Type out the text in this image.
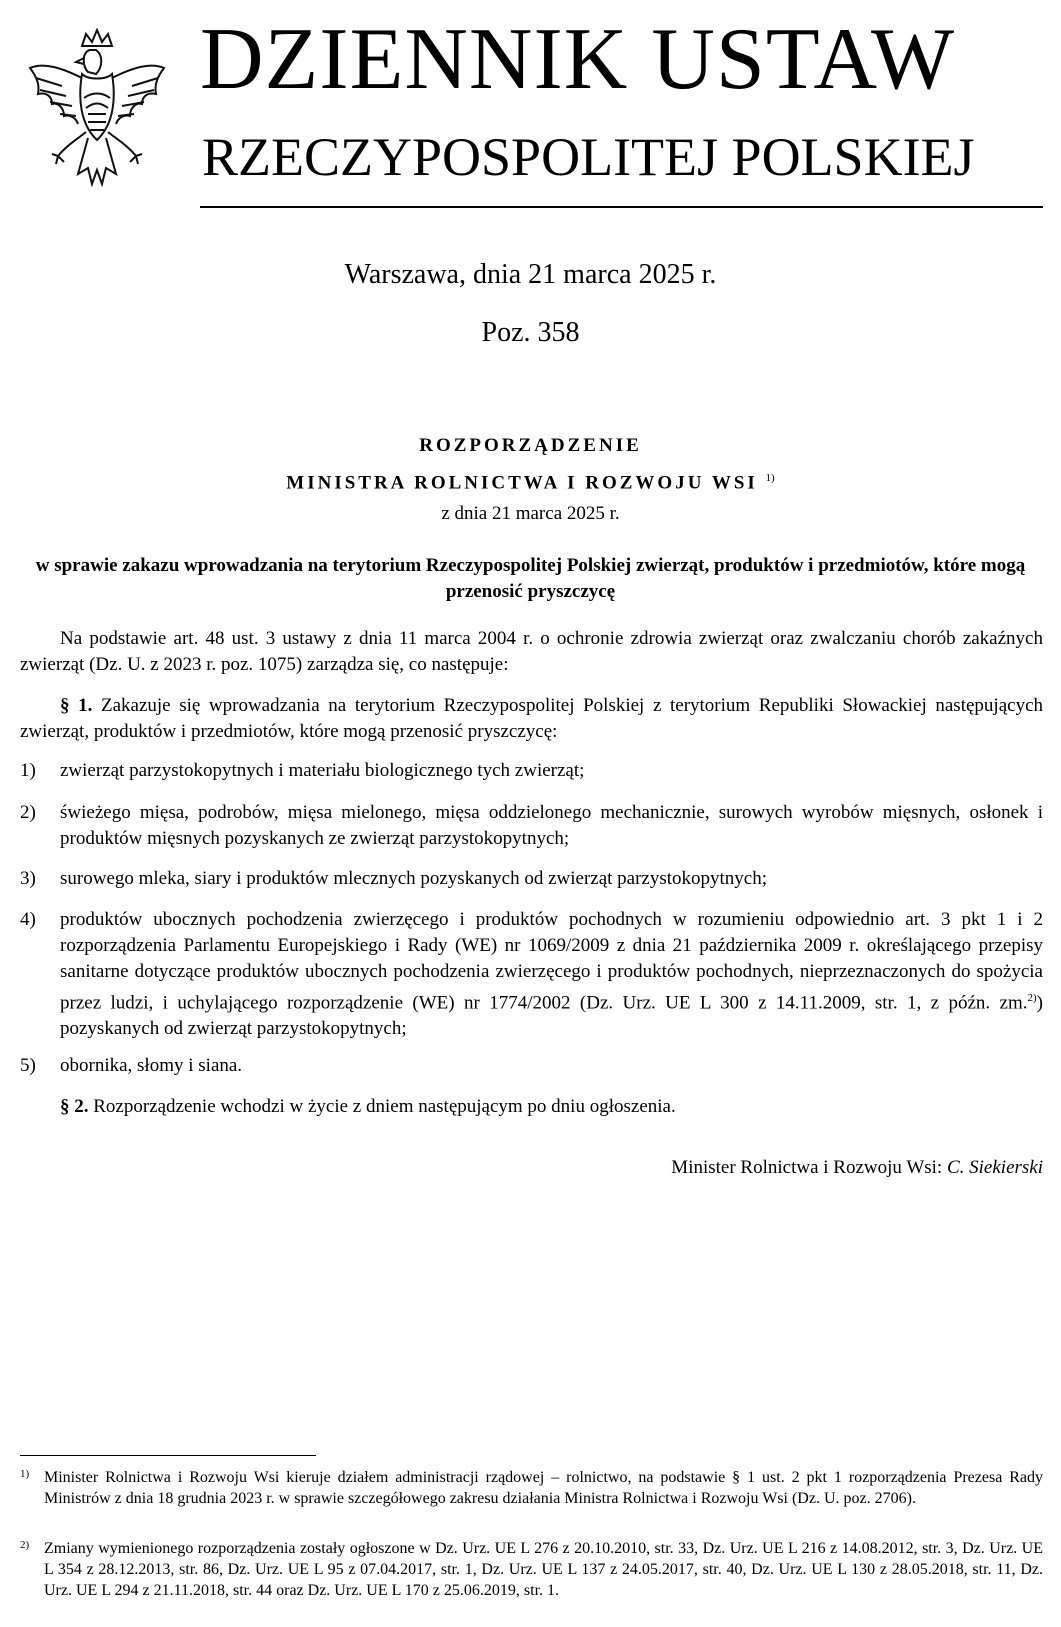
DZIENNIK USTAW
RZECZYPOSPOLITEJ POLSKIEJ
Warszawa, dnia 21 marca 2025 r.
Poz. 358
ROZPORZĄDZENIE
MINISTRA ROLNICTWA I ROZWOJU WSI $^{1)}$
z dnia 21 marca 2025 r.
w sprawie zakazu wprowadzania na terytorium Rzeczypospolitej Polskiej zwierząt, produktów i przedmiotów, które mogą przenosić pryszczycę
Na podstawie art. 48 ust. 3 ustawy z dnia 11 marca 2004 r. o ochronie zdrowia zwierząt oraz zwalczaniu chorób zakaźnych zwierząt (Dz. U. z 2023 r. poz. 1075) zarządza się, co następuje:
§ 1. Zakazuje się wprowadzania na terytorium Rzeczypospolitej Polskiej z terytorium Republiki Słowackiej następujących zwierząt, produktów i przedmiotów, które mogą przenosić pryszczycę:
1)	zwierząt parzystokopytnych i materiału biologicznego tych zwierząt;
2)	świeżego mięsa, podrobów, mięsa mielonego, mięsa oddzielonego mechanicznie, surowych wyrobów mięsnych, osłonek i produktów mięsnych pozyskanych ze zwierząt parzystokopytnych;
3)	surowego mleka, siary i produktów mlecznych pozyskanych od zwierząt parzystokopytnych;
4)	produktów ubocznych pochodzenia zwierzęcego i produktów pochodnych w rozumieniu odpowiednio art. 3 pkt 1 i 2 rozporządzenia Parlamentu Europejskiego i Rady (WE) nr 1069/2009 z dnia 21 października 2009 r. określającego przepisy sanitarne dotyczące produktów ubocznych pochodzenia zwierzęcego i produktów pochodnych, nieprzeznaczonych do spożycia przez ludzi, i uchylającego rozporządzenie (WE) nr 1774/2002 (Dz. Urz. UE L 300 z 14.11.2009, str. 1, z późn. zm.$^{2)}$) pozyskanych od zwierząt parzystokopytnych;
5)	obornika, słomy i siana.
§ 2. Rozporządzenie wchodzi w życie z dniem następującym po dniu ogłoszenia.
Minister Rolnictwa i Rozwoju Wsi: C. Siekierski
1) Minister Rolnictwa i Rozwoju Wsi kieruje działem administracji rządowej – rolnictwo, na podstawie § 1 ust. 2 pkt 1 rozporządzenia Prezesa Rady Ministrów z dnia 18 grudnia 2023 r. w sprawie szczegółowego zakresu działania Ministra Rolnictwa i Rozwoju Wsi (Dz. U. poz. 2706).
2) Zmiany wymienionego rozporządzenia zostały ogłoszone w Dz. Urz. UE L 276 z 20.10.2010, str. 33, Dz. Urz. UE L 216 z 14.08.2012, str. 3, Dz. Urz. UE L 354 z 28.12.2013, str. 86, Dz. Urz. UE L 95 z 07.04.2017, str. 1, Dz. Urz. UE L 137 z 24.05.2017, str. 40, Dz. Urz. UE L 130 z 28.05.2018, str. 11, Dz. Urz. UE L 294 z 21.11.2018, str. 44 oraz Dz. Urz. UE L 170 z 25.06.2019, str. 1.
